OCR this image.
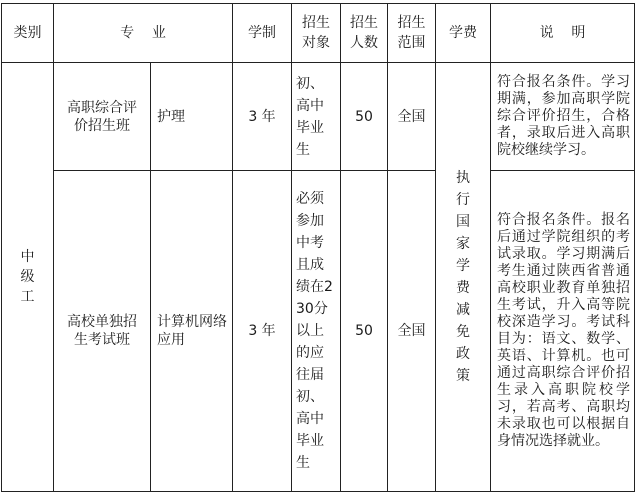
类别	专    业		学制	招生对象	招生人数	招生范围	学费	说    明

中级工	高职综合评价招生班	护理	3 年	初、高中毕业生	50	全国	执行国家学费减免政策	符合报名条件。学习期满，参加高职学院综合评价招生，合格者，录取后进入高职院校继续学习。

	高校单独招生考试班	计算机网络应用	3 年	必须参加中考且成绩在230分以上的应往届初、高中毕业生	50	全国		符合报名条件。报名后通过学院组织的考试录取。学习期满后考生通过陕西省普通高校职业教育单独招生考试，升入高等院校深造学习。考试科目为：语文、数学、英语、计算机。也可通过高职综合评价招生录入高职院校学习，若高考、高职均未录取也可以根据自身情况选择就业。
